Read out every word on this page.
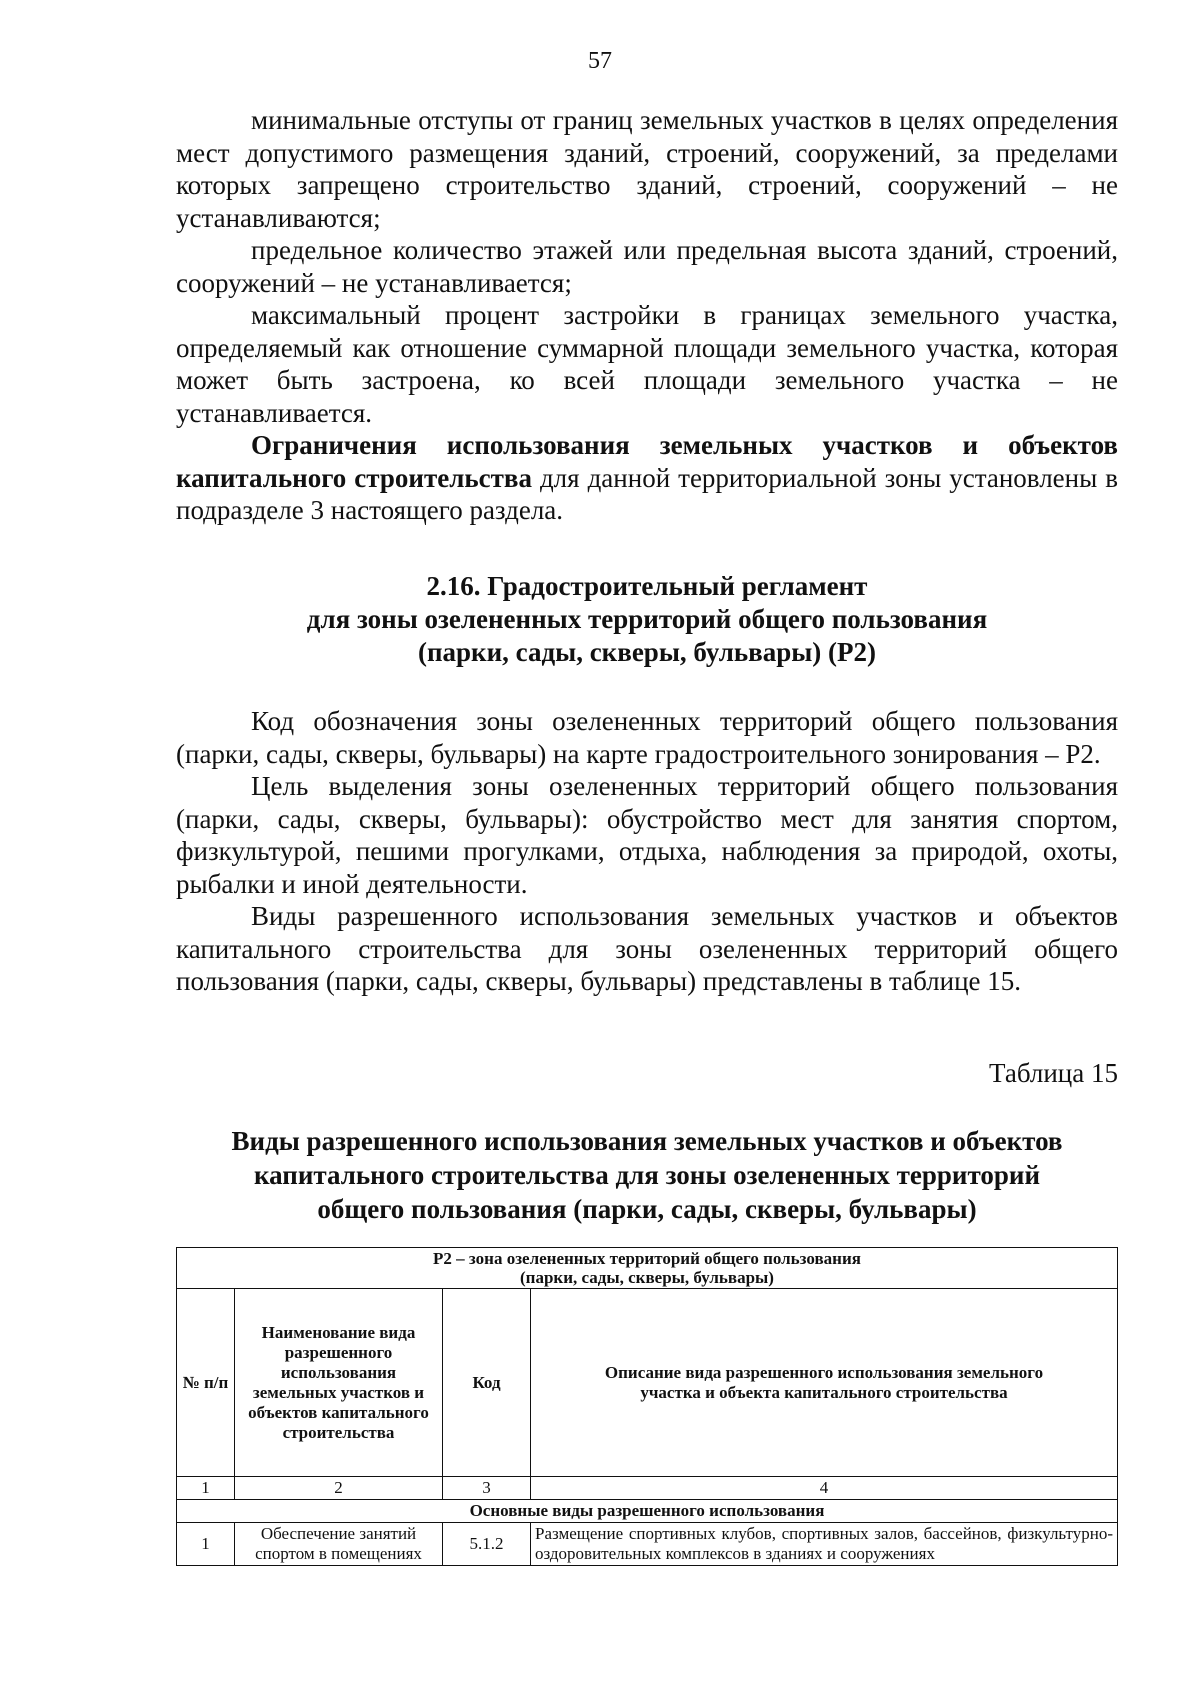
57

минимальные отступы от границ земельных участков в целях определения мест допустимого размещения зданий, строений, сооружений, за пределами которых запрещено строительство зданий, строений, сооружений – не устанавливаются;

предельное количество этажей или предельная высота зданий, строений, сооружений – не устанавливается;

максимальный процент застройки в границах земельного участка, определяемый как отношение суммарной площади земельного участка, которая может быть застроена, ко всей площади земельного участка – не устанавливается.

Ограничения использования земельных участков и объектов капитального строительства для данной территориальной зоны установлены в подразделе 3 настоящего раздела.

2.16. Градостроительный регламент
для зоны озелененных территорий общего пользования
(парки, сады, скверы, бульвары) (Р2)

Код обозначения зоны озелененных территорий общего пользования (парки, сады, скверы, бульвары) на карте градостроительного зонирования – Р2.

Цель выделения зоны озелененных территорий общего пользования (парки, сады, скверы, бульвары): обустройство мест для занятия спортом, физкультурой, пешими прогулками, отдыха, наблюдения за природой, охоты, рыбалки и иной деятельности.

Виды разрешенного использования земельных участков и объектов капитального строительства для зоны озелененных территорий общего пользования (парки, сады, скверы, бульвары) представлены в таблице 15.

Таблица 15
Виды разрешенного использования земельных участков и объектов
капитального строительства для зоны озелененных территорий
общего пользования (парки, сады, скверы, бульвары)
Р2 – зона озелененных территорий общего пользования
(парки, сады, скверы, бульвары)			

№ п/п	Наименование вида разрешенного использования земельных участков и объектов капитального строительства	Код	Описание вида разрешенного использования земельного участка и объекта капитального строительства
1	2	3	4
Основные виды разрешенного использования			
1	Обеспечение занятий спортом в помещениях	5.1.2	Размещение спортивных клубов, спортивных залов, бассейнов, физкультурно-оздоровительных комплексов в зданиях и сооружениях
